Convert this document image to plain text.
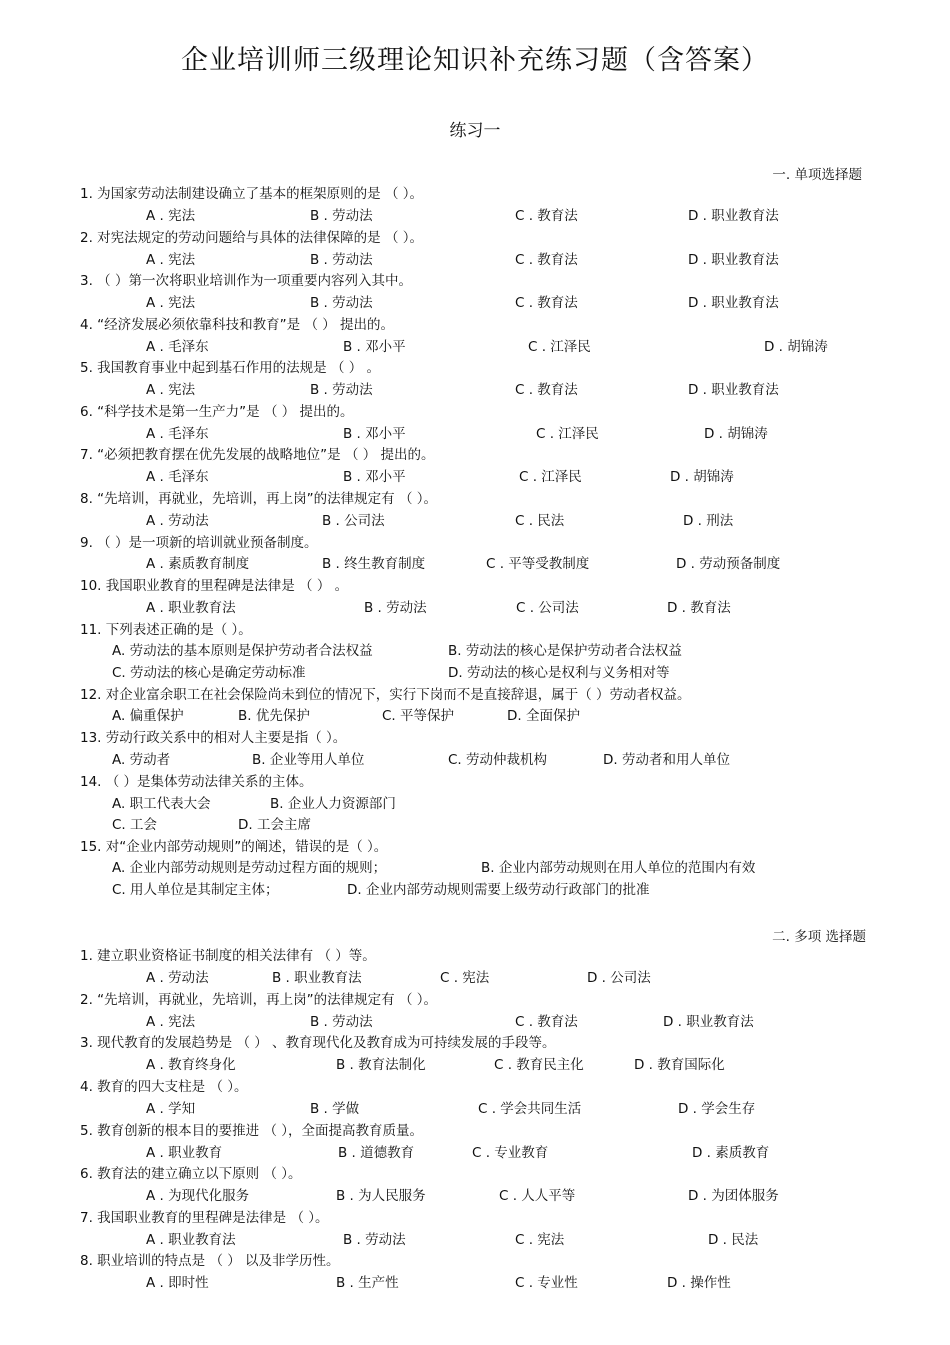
企业培训师三级理论知识补充练习题（含答案）
练习一
一. 单项选择题
1. 为国家劳动法制建设确立了基本的框架原则的是 （ ）。
A . 宪法	B . 劳动法	C . 教育法	D . 职业教育法
2. 对宪法规定的劳动问题给与具体的法律保障的是 （ ）。
A . 宪法	B . 劳动法	C . 教育法	D . 职业教育法
3. （ ）第一次将职业培训作为一项重要内容列入其中。
A . 宪法	B . 劳动法	C . 教育法	D . 职业教育法
4. “经济发展必须依靠科技和教育”是 （ ） 提出的。
A . 毛泽东	B . 邓小平	C . 江泽民	D . 胡锦涛
5. 我国教育事业中起到基石作用的法规是 （ ） 。
A . 宪法	B . 劳动法	C . 教育法	D . 职业教育法
6. “科学技术是第一生产力”是 （ ） 提出的。
A . 毛泽东	B . 邓小平	C . 江泽民	D . 胡锦涛
7. “必须把教育摆在优先发展的战略地位”是 （ ） 提出的。
A . 毛泽东	B . 邓小平	C . 江泽民	D . 胡锦涛
8. “先培训，再就业，先培训，再上岗”的法律规定有 （ ）。
A . 劳动法	B . 公司法	C . 民法	D . 刑法
9. （ ）是一项新的培训就业预备制度。
A . 素质教育制度	B . 终生教育制度	C . 平等受教制度	D . 劳动预备制度
10. 我国职业教育的里程碑是法律是 （ ） 。
A . 职业教育法	B . 劳动法	C . 公司法	D . 教育法
11. 下列表述正确的是（ ）。
A. 劳动法的基本原则是保护劳动者合法权益	B. 劳动法的核心是保护劳动者合法权益
C. 劳动法的核心是确定劳动标准	D. 劳动法的核心是权利与义务相对等
12. 对企业富余职工在社会保险尚未到位的情况下，实行下岗而不是直接辞退，属于（ ）劳动者权益。
A. 偏重保护	B. 优先保护	C. 平等保护	D. 全面保护
13. 劳动行政关系中的相对人主要是指（ ）。
A. 劳动者	B. 企业等用人单位	C. 劳动仲裁机构	D. 劳动者和用人单位
14. （ ）是集体劳动法律关系的主体。
A. 职工代表大会	B. 企业人力资源部门
C. 工会	D. 工会主席
15. 对“企业内部劳动规则”的阐述，错误的是（ ）。
A. 企业内部劳动规则是劳动过程方面的规则；	B. 企业内部劳动规则在用人单位的范围内有效
C. 用人单位是其制定主体；	D. 企业内部劳动规则需要上级劳动行政部门的批准
二. 多项 选择题
1. 建立职业资格证书制度的相关法律有 （ ）等。
A . 劳动法	B . 职业教育法	C . 宪法	D . 公司法
2. “先培训，再就业，先培训，再上岗”的法律规定有 （ ）。
A . 宪法	B . 劳动法	C . 教育法	D . 职业教育法
3. 现代教育的发展趋势是 （ ） 、教育现代化及教育成为可持续发展的手段等。
A . 教育终身化	B . 教育法制化	C . 教育民主化	D . 教育国际化
4. 教育的四大支柱是 （ ）。
A . 学知	B . 学做	C . 学会共同生活	D . 学会生存
5. 教育创新的根本目的要推进 （ ），全面提高教育质量。
A . 职业教育	B . 道德教育	C . 专业教育	D . 素质教育
6. 教育法的建立确立以下原则 （ ）。
A . 为现代化服务	B . 为人民服务	C . 人人平等	D . 为团体服务
7. 我国职业教育的里程碑是法律是 （ ）。
A . 职业教育法	B . 劳动法	C . 宪法	D . 民法
8. 职业培训的特点是 （ ） 以及非学历性。
A . 即时性	B . 生产性	C . 专业性	D . 操作性
